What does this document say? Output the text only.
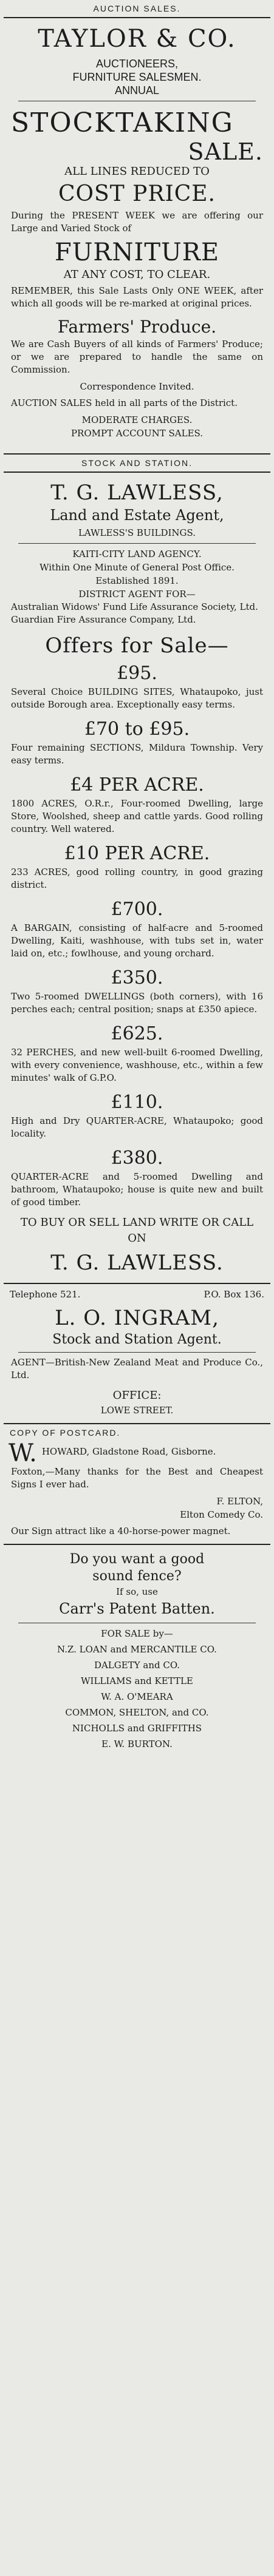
AUCTION SALES.
TAYLOR & CO.
AUCTIONEERS,
FURNITURE SALESMEN.
ANNUAL
STOCKTAKING
SALE.
ALL LINES REDUCED TO
COST PRICE.
During the PRESENT WEEK we are offering our Large and Varied Stock of
FURNITURE
AT ANY COST, TO CLEAR.
REMEMBER, this Sale Lasts Only ONE WEEK, after which all goods will be re-marked at original prices.
Farmers' Produce.
We are Cash Buyers of all kinds of Farmers' Produce; or we are prepared to handle the same on Commission.
Correspondence Invited.
AUCTION SALES held in all parts of the District.
MODERATE CHARGES.
PROMPT ACCOUNT SALES.
STOCK AND STATION.
T. G. LAWLESS,
Land and Estate Agent,
LAWLESS'S BUILDINGS.
KAITI-CITY LAND AGENCY.
Within One Minute of General Post Office.
Established 1891.
DISTRICT AGENT FOR—
Australian Widows' Fund Life Assurance Society, Ltd.
Guardian Fire Assurance Company, Ltd.
Offers for Sale—
£95.
Several Choice BUILDING SITES, Whataupoko, just outside Borough area. Exceptionally easy terms.
£70 to £95.
Four remaining SECTIONS, Mildura Township. Very easy terms.
£4 PER ACRE.
1800 ACRES, O.R.r., Four-roomed Dwelling, large Store, Woolshed, sheep and cattle yards. Good rolling country. Well watered.
£10 PER ACRE.
233 ACRES, good rolling country, in good grazing district.
£700.
A BARGAIN, consisting of half-acre and 5-roomed Dwelling, Kaiti, washhouse, with tubs set in, water laid on, etc.; fowlhouse, and young orchard.
£350.
Two 5-roomed DWELLINGS (both corners), with 16 perches each; central position; snaps at £350 apiece.
£625.
32 PERCHES, and new well-built 6-roomed Dwelling, with every convenience, washhouse, etc., within a few minutes' walk of G.P.O.
£110.
High and Dry QUARTER-ACRE, Whataupoko; good locality.
£380.
QUARTER-ACRE and 5-roomed Dwelling and bathroom, Whataupoko; house is quite new and built of good timber.
TO BUY OR SELL LAND WRITE OR CALL ON
T. G. LAWLESS.
Telephone 521.	P.O. Box 136.
L. O. INGRAM,
Stock and Station Agent.
AGENT—British-New Zealand Meat and Produce Co., Ltd.
OFFICE:
LOWE STREET.
COPY OF POSTCARD.
W. HOWARD, Gladstone Road, Gisborne.
Foxton,—Many thanks for the Best and Cheapest Signs I ever had.
F. ELTON,
Elton Comedy Co.
Our Sign attract like a 40-horse-power magnet.
Do you want a good
sound fence?
If so, use
Carr's Patent Batten.
FOR SALE by—
N.Z. LOAN and MERCANTILE CO.
DALGETY and CO.
WILLIAMS and KETTLE
W. A. O'MEARA
COMMON, SHELTON, and CO.
NICHOLLS and GRIFFITHS
E. W. BURTON.
